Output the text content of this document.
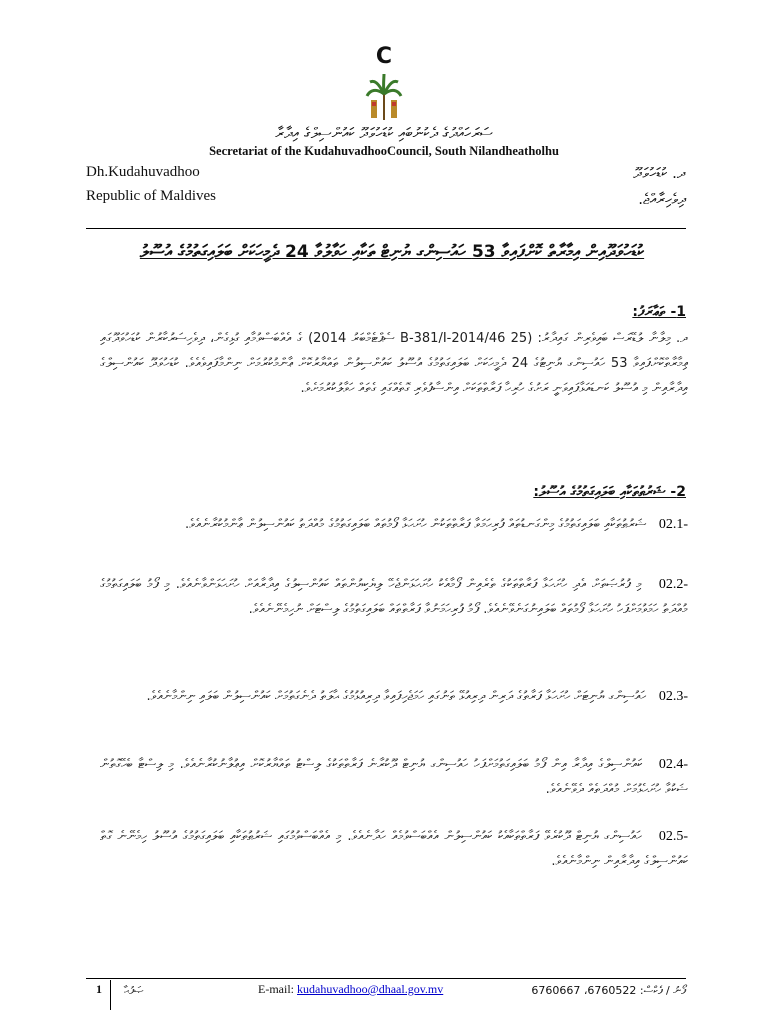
C
ސަރަހައްދުގެ ދެކުނުބައި ކުޑަހުވަދޫ ކައުންސިލްގެ އިދާރާ
Secretariat of the KudahuvadhooCouncil, South Nilandheatholhu
Dh.Kudahuvadhoo
Republic of Maldives
ދ. ކުޑަހުވަދޫ
ދިވެހިރާއްޖެ.
ކުޑަހުވަދޫއިން އިމާރާތް ކޮށްފައިވާ 53 ހައުސިންގ ޔުނިޓް ތަކާއި ހަވާލުވާ 24 ދެމީހަކަށް ބަލައިގަތުމުގެ އުސޫލު
1- ތަޢާރަފު:
ދ. މިލާނާ ލުޑޭރަސް ބައިވެރިން ގައިދާރު: (25 B-381/I-2014/46 ސެޕްޓެމްބަރު 2014) ގެ އެއްބަސްވުމާއި ގުޅިގެން، ދިވެހިސަރުކާރުން ކުޑަހުވަދޫގައި ޢިމާރާތްކޮށްފައިވާ 53 ހައުސިންގ ޔުނިޓުގެ 24 ދެމީހަކަށް ބަލައިގަތުމުގެ އުސޫލު ކައުންސިލުން ތައްޔާރުކޮށް ޢާންމުކުރުމަށް ނިންމާފައިވެއެވެ. ކުޑަހުވަދޫ ކައުންސިލްގެ އިދާރާއިން މި އުސޫލު ކަނޑައަޅާފައިވަނީ ރަށުގެ ހުރިހާ ފަރާތްތަކަށް އިންސާފުވެރި ގޮތެއްގައި ގެތައް ހަވާލުކުރުމަށެވެ.
2- ޝަރުޠުތަކާއި ބަލައިގަތުމުގެ އުސޫލު:
-02.1   ޝަރުޠުތަކާއި ބަލައިގަތުމުގެ މިންގަނޑުތައް ފުރިހަމަވާ ފަރާތްތަކުން ހުށަހަޅާ ފޯމުތައް ބަލައިގަތުމުގެ މުއްދަތު ކައުންސިލުން ޢާންމުކުރާނެއެވެ.
-02.2   މި ފުރުޞަތަށް އެދި ހުށަހަޅާ ފަރާތްތަކުގެ ތެރެއިން ފޯމާއެކު ހުށަހަޅަންޖެހޭ ލިޔެކިޔުންތައް ކައުންސިލުގެ އިދާރާއަށް ހުށަހަޅަންވާނެއެވެ. މި ފޯމު ބަލައިގަތުމުގެ މުއްދަތު ހަމަވުމަށްފަހު ހުށަހަޅާ ފޯމުތައް ބަލައިނުގަނެވޭނެއެވެ. ފޯމު ފުރިހަމަނުވާ ފަރާތްތައް ބަލައިގަތުމުގެ ލިސްޓަށް ނުހިމެނޭނެއެވެ.
-02.3   ހައުސިންގ ޔުނިޓަށް ހުށަހަޅާ ފަރާތުގެ ދަރިން ދިރިއުޅޭ ތަނުގައި ހަމަޖެހިފައިވާ ދިރިއުޅުމުގެ ޙާލަތު ދެނެގަތުމަށް ކައުންސިލުން ބަލައި ނިންމާނެއެވެ.
-02.4   ކައުންސިލްގެ އިދާރާ އިން ފޯމު ބަލައިގަތުމަށްފަހު ހައުސިންގ ޔުނިޓް ދޫކުރާނެ ފަރާތްތަކުގެ ލިސްޓު ތައްޔާރުކޮށް އިޢުލާނުކުރާނެއެވެ. މި ލިސްޓާ ބެހޭގޮތުން ޝަކުވާ ހުށަހެޅުމަށް މުއްދަތެއް ދެވޭނެއެވެ.
-02.5   ހައުސިންގ ޔުނިޓް ދޫކުރެވޭ ފަރާތްތަކާއެކު ކައުންސިލުން އެއްބަސްވުމެއް ހަދާނެއެވެ. މި އެއްބަސްވުމުގައި ޝަރުޠުތަކާއި ބަލައިގަތުމުގެ އުސޫލު ހިމެނޭނެ ގޮތް ކައުންސިލްގެ އިދާރާއިން ނިންމާނެއެވެ.
1 ޞަފުޙާ	E-mail: kudahuvadhoo@dhaal.gov.mv	ފޯނު / ފެކްސް: 6760522، 6760667
